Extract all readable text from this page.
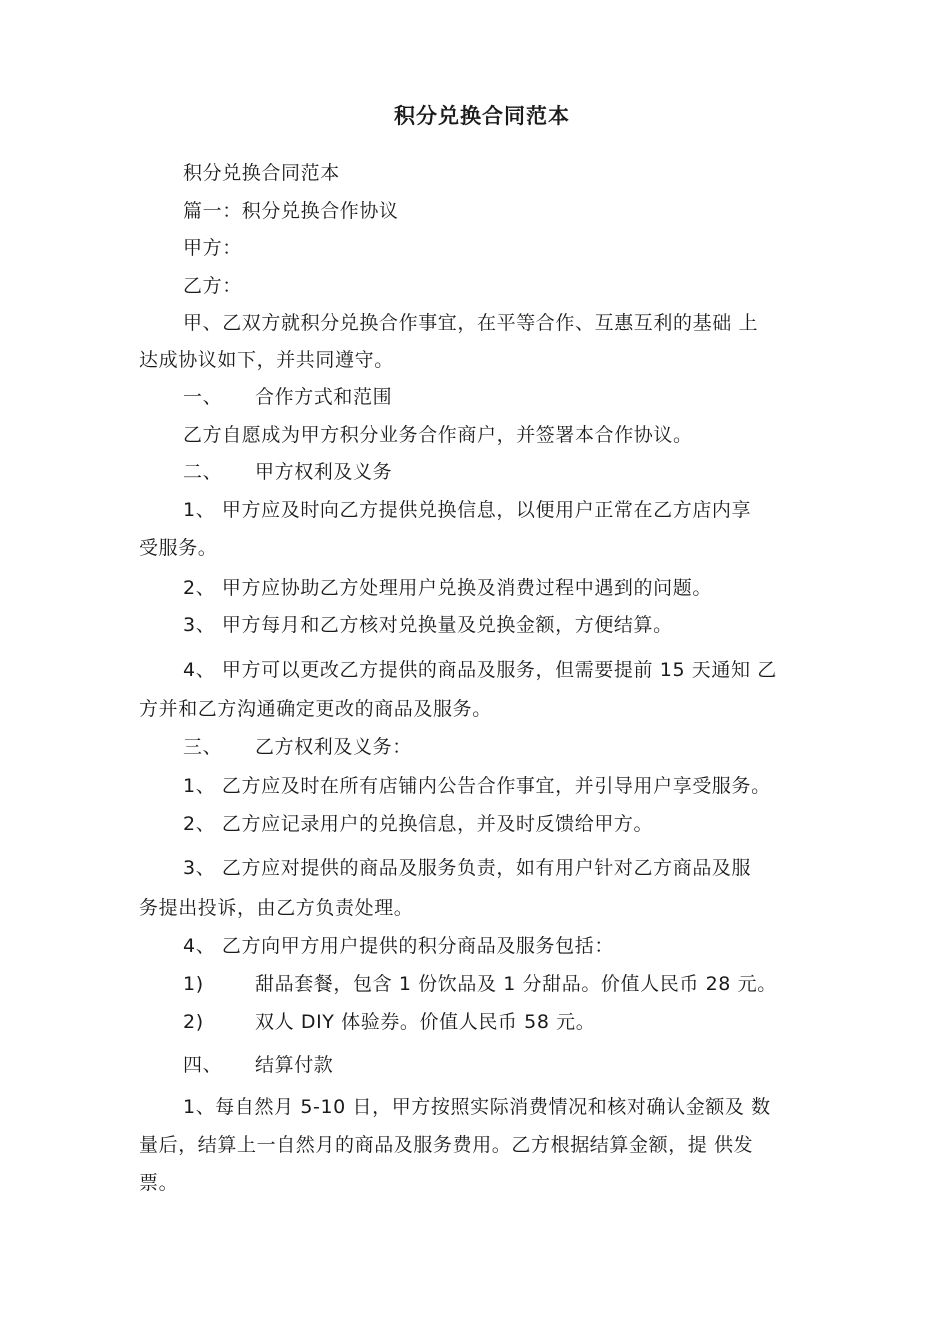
积分兑换合同范本
积分兑换合同范本
篇一：积分兑换合作协议
甲方：
乙方：
甲、乙双方就积分兑换合作事宜，在平等合作、互惠互利的基础 上
达成协议如下，并共同遵守。
一、 合作方式和范围
乙方自愿成为甲方积分业务合作商户，并签署本合作协议。
二、 甲方权利及义务
1、 甲方应及时向乙方提供兑换信息，以便用户正常在乙方店内享
受服务。
2、 甲方应协助乙方处理用户兑换及消费过程中遇到的问题。
3、 甲方每月和乙方核对兑换量及兑换金额，方便结算。
4、 甲方可以更改乙方提供的商品及服务，但需要提前 15 天通知 乙
方并和乙方沟通确定更改的商品及服务。
三、 乙方权利及义务：
1、 乙方应及时在所有店铺内公告合作事宜，并引导用户享受服务。
2、 乙方应记录用户的兑换信息，并及时反馈给甲方。
3、 乙方应对提供的商品及服务负责，如有用户针对乙方商品及服
务提出投诉，由乙方负责处理。
4、 乙方向甲方用户提供的积分商品及服务包括：
1)	甜品套餐，包含 1 份饮品及 1 分甜品。价值人民币 28 元。
2)	双人 DIY 体验券。价值人民币 58 元。
四、 结算付款
1、每自然月 5-10 日，甲方按照实际消费情况和核对确认金额及 数
量后，结算上一自然月的商品及服务费用。乙方根据结算金额，提 供发
票。
